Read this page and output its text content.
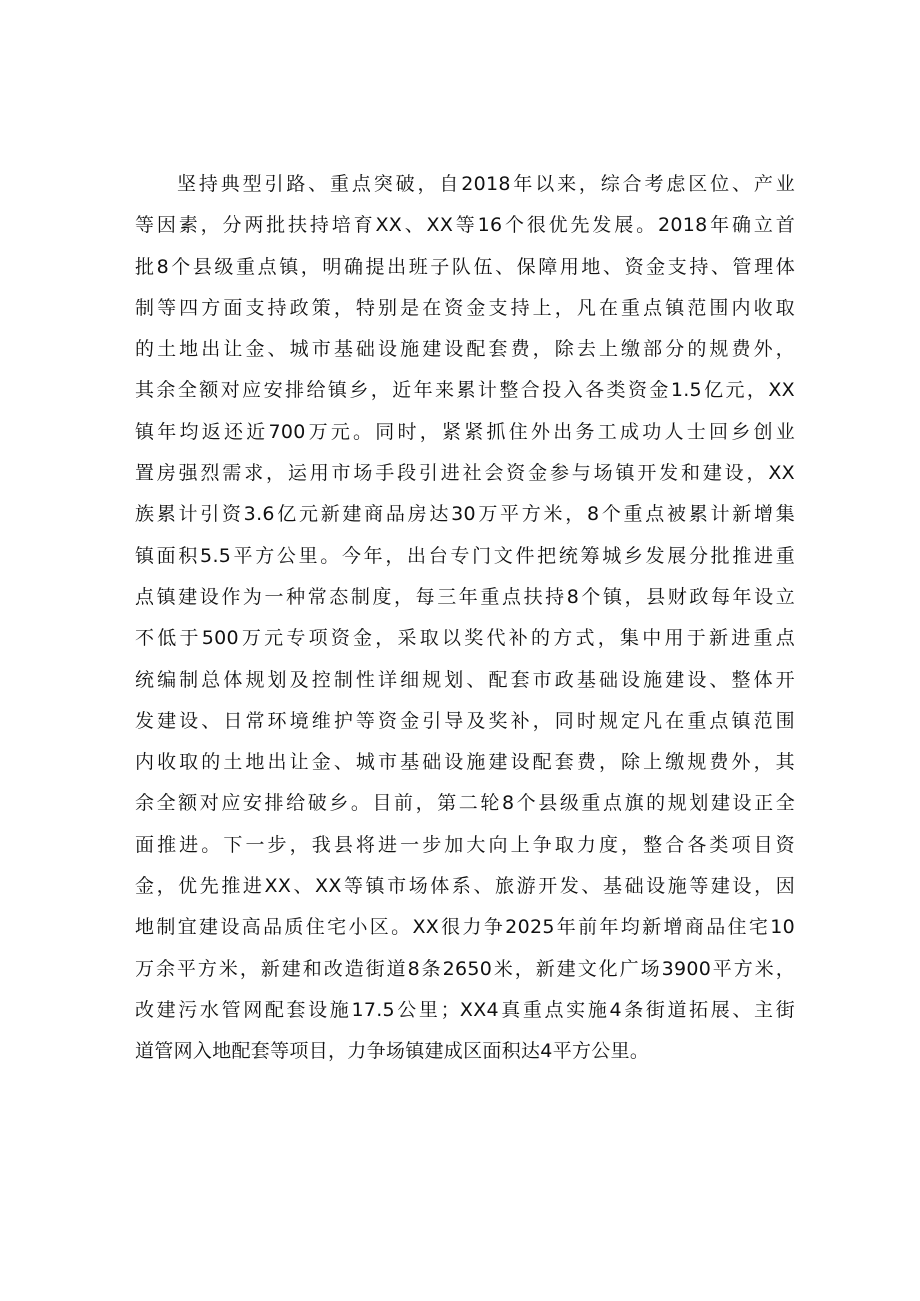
坚持典型引路、重点突破，自2018年以来，综合考虑区位、产业
等因素，分两批扶持培育XX、XX等16个很优先发展。2018年确立首
批8个县级重点镇，明确提出班子队伍、保障用地、资金支持、管理体
制等四方面支持政策，特别是在资金支持上，凡在重点镇范围内收取
的土地出让金、城市基础设施建设配套费，除去上缴部分的规费外，
其余全额对应安排给镇乡，近年来累计整合投入各类资金1.5亿元，XX
镇年均返还近700万元。同时，紧紧抓住外出务工成功人士回乡创业
置房强烈需求，运用市场手段引进社会资金参与场镇开发和建设，XX
族累计引资3.6亿元新建商品房达30万平方米，8个重点被累计新增集
镇面积5.5平方公里。今年，出台专门文件把统筹城乡发展分批推进重
点镇建设作为一种常态制度，每三年重点扶持8个镇，县财政每年设立
不低于500万元专项资金，采取以奖代补的方式，集中用于新进重点
统编制总体规划及控制性详细规划、配套市政基础设施建设、整体开
发建设、日常环境维护等资金引导及奖补，同时规定凡在重点镇范围
内收取的土地出让金、城市基础设施建设配套费，除上缴规费外，其
余全额对应安排给破乡。目前，第二轮8个县级重点旗的规划建设正全
面推进。下一步，我县将进一步加大向上争取力度，整合各类项目资
金，优先推进XX、XX等镇市场体系、旅游开发、基础设施等建设，因
地制宜建设高品质住宅小区。XX很力争2025年前年均新增商品住宅10
万余平方米，新建和改造街道8条2650米，新建文化广场3900平方米，
改建污水管网配套设施17.5公里；XX4真重点实施4条街道拓展、主街
道管网入地配套等项目，力争场镇建成区面积达4平方公里。
